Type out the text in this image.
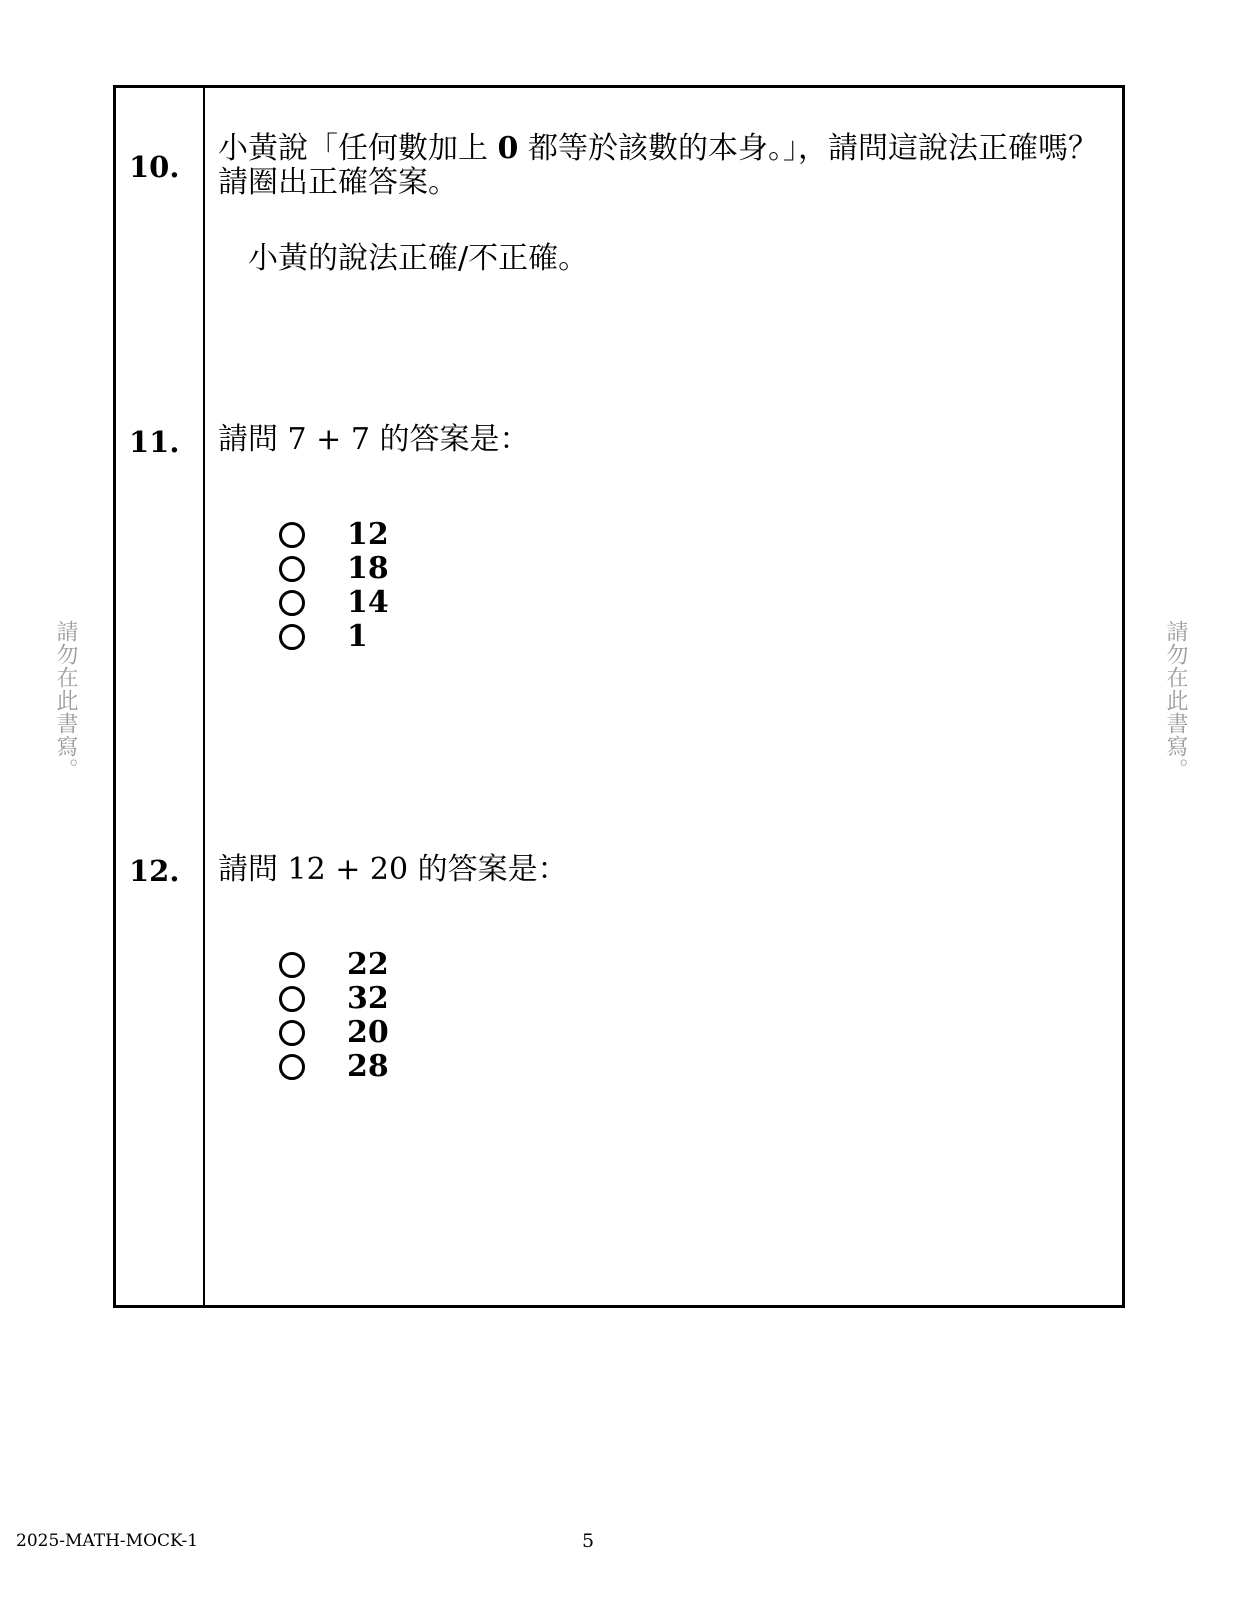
請勿在此書寫。	請勿在此書寫。
10.
小黃說「任何數加上 0 都等於該數的本身。」，請問這說法正確嗎？請圈出正確答案。
小黃的說法正確/不正確。
11. 請問 7 + 7 的答案是：
12
18
14
1
12. 請問 12 + 20 的答案是：
22
32
20
28
2025-MATH-MOCK-1	5
